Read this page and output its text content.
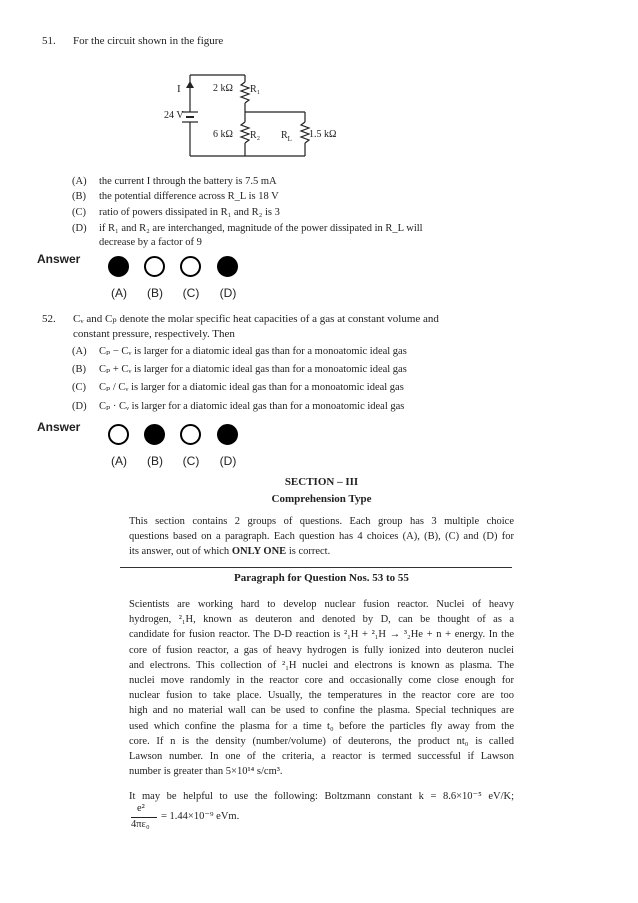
51. For the circuit shown in the figure
I
24 V
2 kΩ R₁
6 kΩ R₂ $R_L$ 1.5 kΩ
(A) the current I through the battery is 7.5 mA
(B) the potential difference across R_L is 18 V
(C) ratio of powers dissipated in R₁ and R₂ is 3
(D) if R₁ and R₂ are interchanged, magnitude of the power dissipated in R_L will
decrease by a factor of 9
Answer
(A)	(B)	(C)	(D)
52. Cᵥ and Cₚ denote the molar specific heat capacities of a gas at constant volume and
constant pressure, respectively. Then
(A) Cₚ − Cᵥ is larger for a diatomic ideal gas than for a monoatomic ideal gas
(B) Cₚ + Cᵥ is larger for a diatomic ideal gas than for a monoatomic ideal gas
(C) Cₚ / Cᵥ is larger for a diatomic ideal gas than for a monoatomic ideal gas
(D) Cₚ · Cᵥ is larger for a diatomic ideal gas than for a monoatomic ideal gas
Answer
(A)	(B)	(C)	(D)
SECTION – III
Comprehension Type
This section contains 2 groups of questions. Each group has 3 multiple choice
questions based on a paragraph. Each question has 4 choices (A), (B), (C) and (D) for
its answer, out of which ONLY ONE is correct.
Paragraph for Question Nos. 53 to 55
Scientists are working hard to develop nuclear fusion reactor. Nuclei of heavy
hydrogen, ²₁H, known as deuteron and denoted by D, can be thought of as a
candidate for fusion reactor. The D-D reaction is ²₁H + ²₁H → ³₂He + n + energy. In the
core of fusion reactor, a gas of heavy hydrogen is fully ionized into deuteron nuclei
and electrons. This collection of ²₁H nuclei and electrons is known as plasma. The
nuclei move randomly in the reactor core and occasionally come close enough for
nuclear fusion to take place. Usually, the temperatures in the reactor core are too
high and no material wall can be used to confine the plasma. Special techniques are
used which confine the plasma for a time t₀ before the particles fly away from the
core. If n is the density (number/volume) of deuterons, the product nt₀ is called
Lawson number. In one of the criteria, a reactor is termed successful if Lawson
number is greater than 5×10¹⁴ s/cm³.
It may be helpful to use the following: Boltzmann constant k = 8.6×10⁻⁵ eV/K;
e²
4πε₀
= 1.44×10⁻⁹ eVm.
